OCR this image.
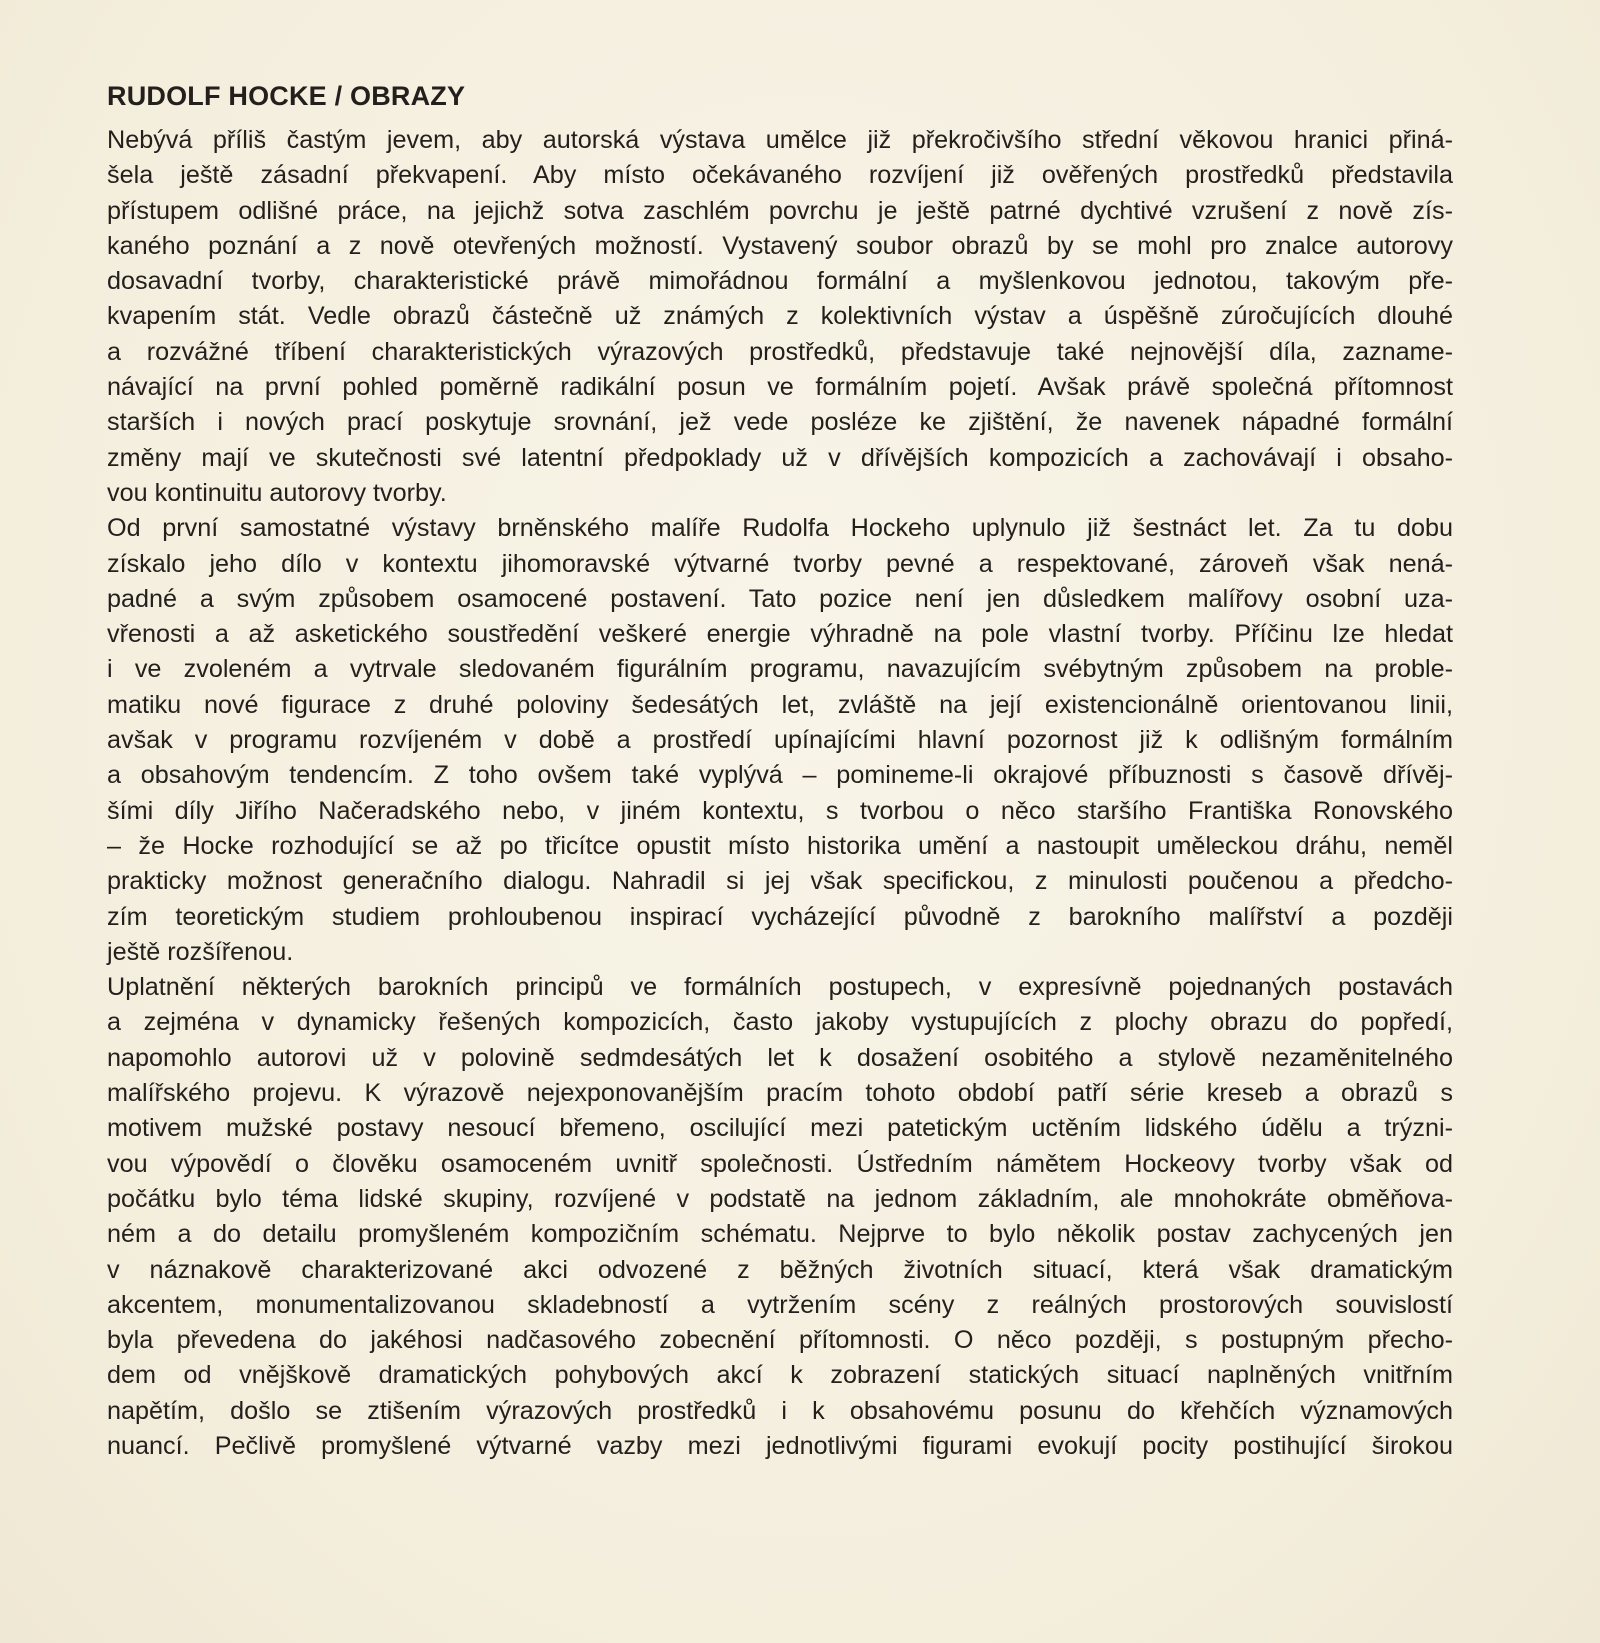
RUDOLF HOCKE / OBRAZY
Nebývá příliš častým jevem, aby autorská výstava umělce již překročivšího střední věkovou hranici přiná-
šela ještě zásadní překvapení. Aby místo očekávaného rozvíjení již ověřených prostředků představila
přístupem odlišné práce, na jejichž sotva zaschlém povrchu je ještě patrné dychtivé vzrušení z nově zís-
kaného poznání a z nově otevřených možností. Vystavený soubor obrazů by se mohl pro znalce autorovy
dosavadní tvorby, charakteristické právě mimořádnou formální a myšlenkovou jednotou, takovým pře-
kvapením stát. Vedle obrazů částečně už známých z kolektivních výstav a úspěšně zúročujících dlouhé
a rozvážné tříbení charakteristických výrazových prostředků, představuje také nejnovější díla, zazname-
návající na první pohled poměrně radikální posun ve formálním pojetí. Avšak právě společná přítomnost
starších i nových prací poskytuje srovnání, jež vede posléze ke zjištění, že navenek nápadné formální
změny mají ve skutečnosti své latentní předpoklady už v dřívějších kompozicích a zachovávají i obsaho-
vou kontinuitu autorovy tvorby.
Od první samostatné výstavy brněnského malíře Rudolfa Hockeho uplynulo již šestnáct let. Za tu dobu
získalo jeho dílo v kontextu jihomoravské výtvarné tvorby pevné a respektované, zároveň však nená-
padné a svým způsobem osamocené postavení. Tato pozice není jen důsledkem malířovy osobní uza-
vřenosti a až asketického soustředění veškeré energie výhradně na pole vlastní tvorby. Příčinu lze hledat
i ve zvoleném a vytrvale sledovaném figurálním programu, navazujícím svébytným způsobem na proble-
matiku nové figurace z druhé poloviny šedesátých let, zvláště na její existencionálně orientovanou linii,
avšak v programu rozvíjeném v době a prostředí upínajícími hlavní pozornost již k odlišným formálním
a obsahovým tendencím. Z toho ovšem také vyplývá – pomineme-li okrajové příbuznosti s časově dřívěj-
šími díly Jiřího Načeradského nebo, v jiném kontextu, s tvorbou o něco staršího Františka Ronovského
– že Hocke rozhodující se až po třicítce opustit místo historika umění a nastoupit uměleckou dráhu, neměl
prakticky možnost generačního dialogu. Nahradil si jej však specifickou, z minulosti poučenou a předcho-
zím teoretickým studiem prohloubenou inspirací vycházející původně z barokního malířství a později
ještě rozšířenou.
Uplatnění některých barokních principů ve formálních postupech, v expresívně pojednaných postavách
a zejména v dynamicky řešených kompozicích, často jakoby vystupujících z plochy obrazu do popředí,
napomohlo autorovi už v polovině sedmdesátých let k dosažení osobitého a stylově nezaměnitelného
malířského projevu. K výrazově nejexponovanějším pracím tohoto období patří série kreseb a obrazů s
motivem mužské postavy nesoucí břemeno, oscilující mezi patetickým uctěním lidského údělu a trýzni-
vou výpovědí o člověku osamoceném uvnitř společnosti. Ústředním námětem Hockeovy tvorby však od
počátku bylo téma lidské skupiny, rozvíjené v podstatě na jednom základním, ale mnohokráte obměňova-
ném a do detailu promyšleném kompozičním schématu. Nejprve to bylo několik postav zachycených jen
v náznakově charakterizované akci odvozené z běžných životních situací, která však dramatickým
akcentem, monumentalizovanou skladebností a vytržením scény z reálných prostorových souvislostí
byla převedena do jakéhosi nadčasového zobecnění přítomnosti. O něco později, s postupným přecho-
dem od vnějškově dramatických pohybových akcí k zobrazení statických situací naplněných vnitřním
napětím, došlo se ztišením výrazových prostředků i k obsahovému posunu do křehčích významových
nuancí. Pečlivě promyšlené výtvarné vazby mezi jednotlivými figurami evokují pocity postihující širokou
